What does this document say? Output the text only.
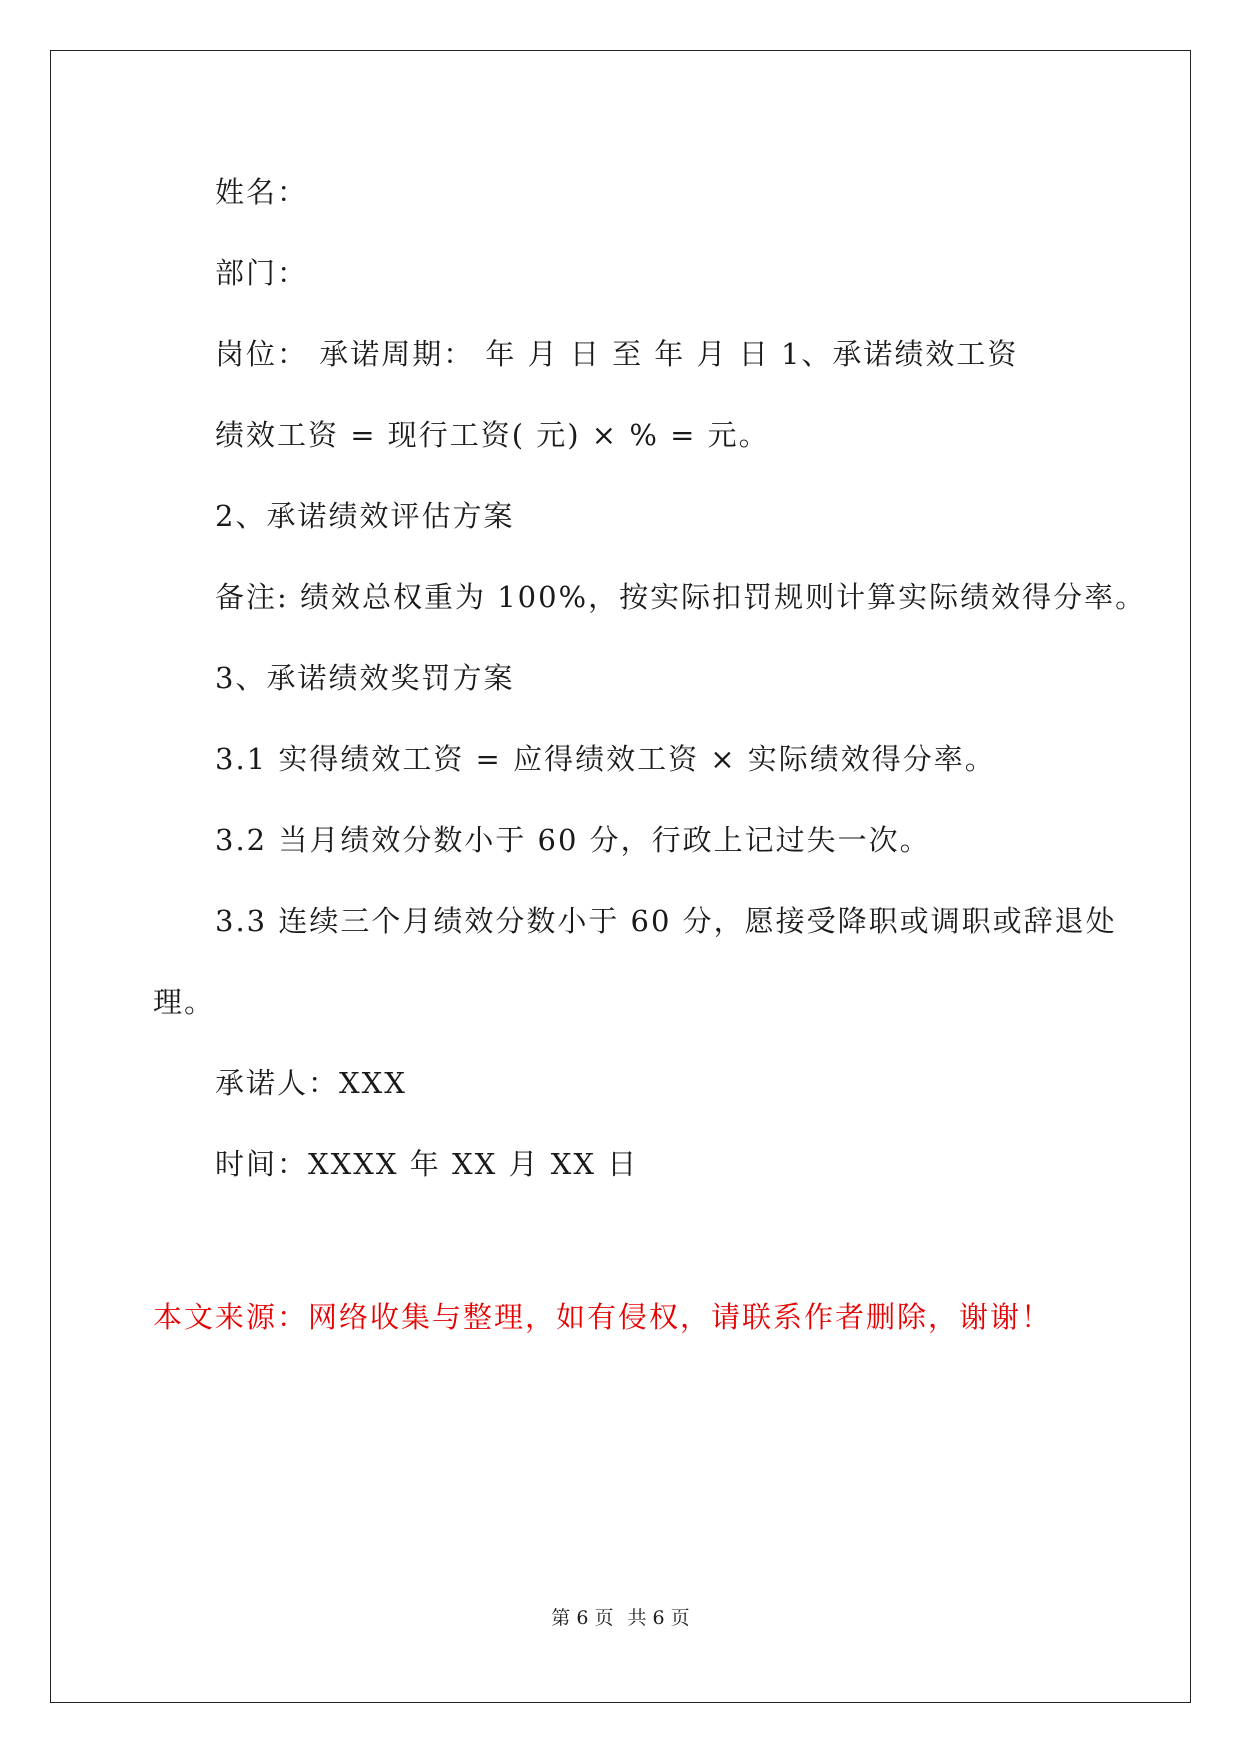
姓名：
部门：
岗位： 承诺周期： 年 月 日 至 年 月 日 1、承诺绩效工资
绩效工资 = 现行工资( 元) × % = 元。
2、承诺绩效评估方案
备注: 绩效总权重为 100%，按实际扣罚规则计算实际绩效得分率。
3、承诺绩效奖罚方案
3.1 实得绩效工资 = 应得绩效工资 × 实际绩效得分率。
3.2 当月绩效分数小于 60 分，行政上记过失一次。
3.3 连续三个月绩效分数小于 60 分，愿接受降职或调职或辞退处
理。
承诺人：XXX
时间：XXXX 年 XX 月 XX 日
本文来源：网络收集与整理，如有侵权，请联系作者删除，谢谢！
第 6 页 共 6 页
